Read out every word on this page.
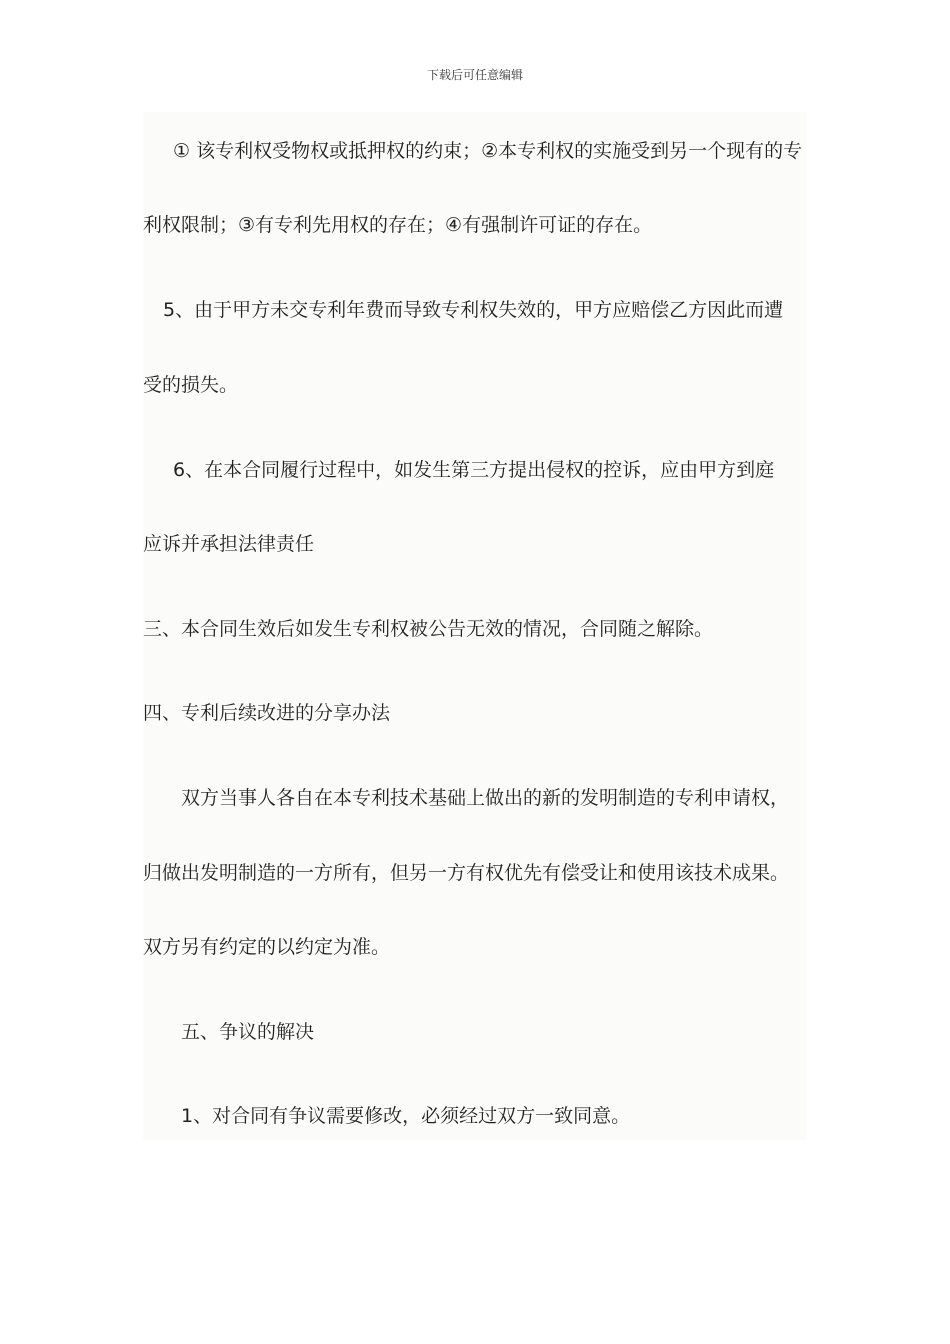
下载后可任意编辑
① 该专利权受物权或抵押权的约束；②本专利权的实施受到另一个现有的专
利权限制；③有专利先用权的存在；④有强制许可证的存在。
5、由于甲方未交专利年费而导致专利权失效的，甲方应赔偿乙方因此而遭
受的损失。
6、在本合同履行过程中，如发生第三方提出侵权的控诉，应由甲方到庭
应诉并承担法律责任
三、本合同生效后如发生专利权被公告无效的情况，合同随之解除。
四、专利后续改进的分享办法
双方当事人各自在本专利技术基础上做出的新的发明制造的专利申请权，
归做出发明制造的一方所有，但另一方有权优先有偿受让和使用该技术成果。
双方另有约定的以约定为准。
五、争议的解决
1、对合同有争议需要修改，必须经过双方一致同意。
